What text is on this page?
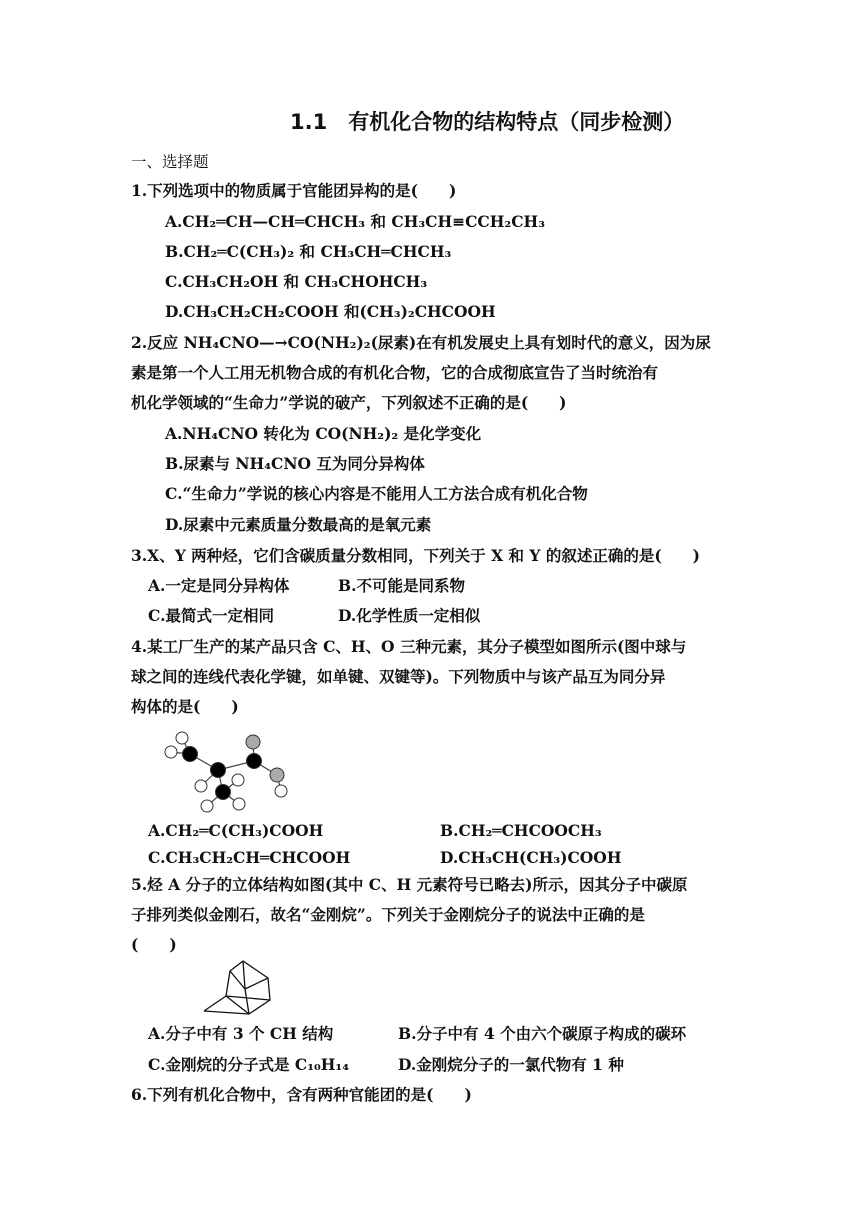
1.1　有机化合物的结构特点（同步检测）
一、选择题
1.下列选项中的物质属于官能团异构的是(　　)
A.CH₂═CH—CH═CHCH₃ 和 CH₃CH≡CCH₂CH₃
B.CH₂═C(CH₃)₂ 和 CH₃CH═CHCH₃
C.CH₃CH₂OH 和 CH₃CHOHCH₃
D.CH₃CH₂CH₂COOH 和(CH₃)₂CHCOOH
2.反应 NH₄CNO—→CO(NH₂)₂(尿素)在有机发展史上具有划时代的意义，因为尿
素是第一个人工用无机物合成的有机化合物，它的合成彻底宣告了当时统治有
机化学领域的“生命力”学说的破产，下列叙述不正确的是(　　)
A.NH₄CNO 转化为 CO(NH₂)₂ 是化学变化
B.尿素与 NH₄CNO 互为同分异构体
C.“生命力”学说的核心内容是不能用人工方法合成有机化合物
D.尿素中元素质量分数最高的是氧元素
3.X、Y 两种烃，它们含碳质量分数相同，下列关于 X 和 Y 的叙述正确的是(　　)
A.一定是同分异构体	B.不可能是同系物
C.最简式一定相同	D.化学性质一定相似
4.某工厂生产的某产品只含 C、H、O 三种元素，其分子模型如图所示(图中球与
球之间的连线代表化学键，如单键、双键等)。下列物质中与该产品互为同分异
构体的是(　　)
A.CH₂═C(CH₃)COOH	B.CH₂═CHCOOCH₃
C.CH₃CH₂CH═CHCOOH	D.CH₃CH(CH₃)COOH
5.烃 A 分子的立体结构如图(其中 C、H 元素符号已略去)所示，因其分子中碳原
子排列类似金刚石，故名“金刚烷”。下列关于金刚烷分子的说法中正确的是
(　　)
A.分子中有 3 个 CH 结构	B.分子中有 4 个由六个碳原子构成的碳环
C.金刚烷的分子式是 C₁₀H₁₄	D.金刚烷分子的一氯代物有 1 种
6.下列有机化合物中，含有两种官能团的是(　　)
